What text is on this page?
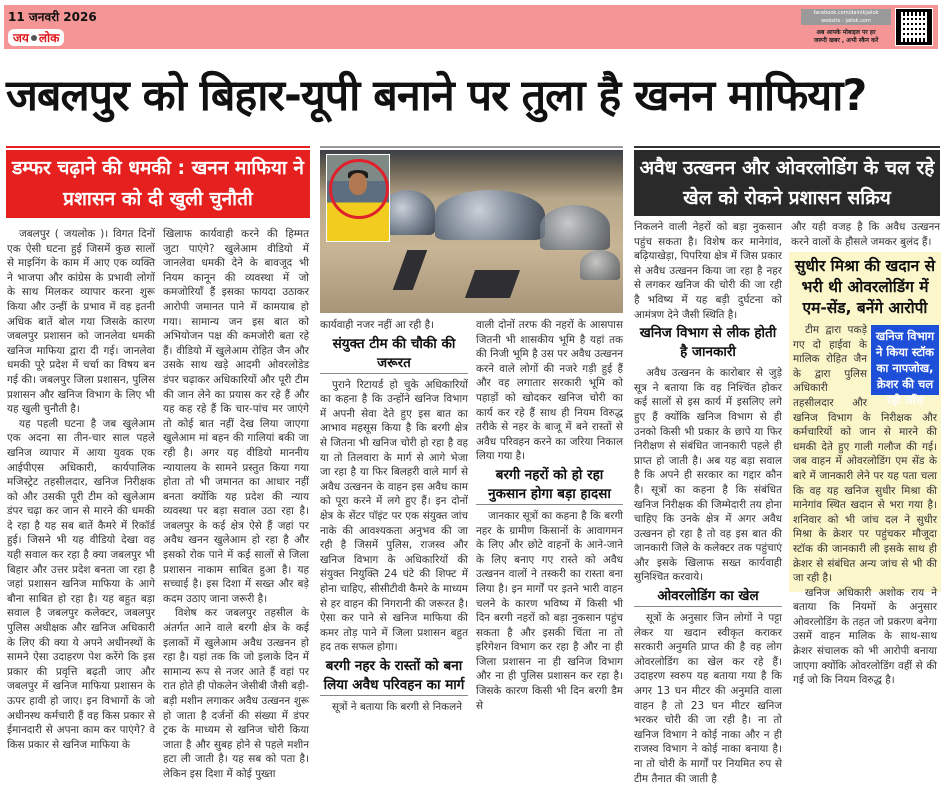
11 जनवरी 2026
जय लोक
facebook.com/dainikjailok
website - jailok.com
अब आपके मोबाइल पर हर
जरूरी खबर , अभी स्कैन करें
जबलपुर को बिहार-यूपी बनाने पर तुला है खनन माफिया?
डम्फर चढ़ाने की धमकी : खनन माफिया ने प्रशासन को दी खुली चुनौती

जबलपुर ( जयलोक )। विगत दिनों एक ऐसी घटना हुई जिसमें कुछ सालों से माइनिंग के काम में आए एक व्यक्ति ने भाजपा और कांग्रेस के प्रभावी लोगों के साथ मिलकर व्यापार करना शुरू किया और उन्हीं के प्रभाव में वह इतनी अधिक बातें बोल गया जिसके कारण जबलपुर प्रशासन को जानलेवा धमकी खनिज माफिया द्वारा दी गई। जानलेवा धमकी पूरे प्रदेश में चर्चा का विषय बन गई की। जबलपुर जिला प्रशासन, पुलिस प्रशासन और खनिज विभाग के लिए भी यह खुली चुनौती है।

यह पहली घटना है जब खुलेआम एक अदना सा तीन-चार साल पहले खनिज व्यापार में आया युवक एक आईपीएस अधिकारी, कार्यपालिक मजिस्ट्रेट तहसीलदार, खनिज निरीक्षक को और उसकी पूरी टीम को खुलेआम डंपर चढ़ा कर जान से मारने की धमकी दे रहा है यह सब बातें कैमरे में रिकॉर्ड हुई। जिसने भी यह वीडियो देखा वह यही सवाल कर रहा है क्या जबलपुर भी बिहार और उत्तर प्रदेश बनता जा रहा है जहां प्रशासन खनिज माफिया के आगे बौना साबित हो रहा है। यह बहुत बड़ा सवाल है जबलपुर कलेक्टर, जबलपुर पुलिस अधीक्षक और खनिज अधिकारी के लिए की क्या ये अपने अधीनस्थों के सामने ऐसा उदाहरण पेश करेंगे कि इस प्रकार की प्रवृत्ति बढ़ती जाए और जबलपुर में खनिज माफिया प्रशासन के ऊपर हावी हो जाए। इन विभागों के जो अधीनस्थ कर्मचारी हैं वह किस प्रकार से ईमानदारी से अपना काम कर पाएंगे? वे किस प्रकार से खनिज माफिया के

खिलाफ कार्यवाही करने की हिम्मत जुटा पाएंगे? खुलेआम वीडियो में जानलेवा धमकी देने के बावजूद भी नियम कानून की व्यवस्था में जो कमजोरियाँ हैं इसका फायदा उठाकर आरोपी जमानत पाने में कामयाब हो गया। सामान्य जन इस बात को अभियोजन पक्ष की कमजोरी बता रहे हैं। वीडियो में खुलेआम रोहित जैन और उसके साथ खड़े आदमी ओवरलोडेड डंपर चढ़ाकर अधिकारियों और पूरी टीम की जान लेने का प्रयास कर रहे हैं और यह कह रहे हैं कि चार-पांच मर जाएंगे तो कोई बात नहीं देख लिया जाएगा खुलेआम मां बहन की गालियां बकी जा रही है। अगर यह वीडियो माननीय न्यायालय के सामने प्रस्तुत किया गया होता तो भी जमानत का आधार नहीं बनता क्योंकि यह प्रदेश की न्याय व्यवस्था पर बड़ा सवाल उठा रहा है। जबलपुर के कई क्षेत्र ऐसे हैं जहां पर अवैध खनन खुलेआम हो रहा है और इसको रोक पाने में कई सालों से जिला प्रशासन नाकाम साबित हुआ है। यह सच्चाई है। इस दिशा में सख्त और बड़े कदम उठाए जाना जरूरी है।

विशेष कर जबलपुर तहसील के अंतर्गत आने वाले बरगी क्षेत्र के कई इलाकों में खुलेआम अवैध उत्खनन हो रहा है। यहां तक कि जो इलाके दिन में सामान्य रूप से नजर आते हैं वहां पर रात होते ही पोकलेन जेसीबी जैसी बड़ी-बड़ी मशीन लगाकर अवैध उत्खनन शुरू हो जाता है दर्जनों की संख्या में डंपर ट्रक के माध्यम से खनिज चोरी किया जाता है और सुबह होने से पहले मशीन हटा ली जाती है। यह सब को पता है। लेकिन इस दिशा में कोई पुख्ता

कार्यवाही नजर नहीं आ रही है।

संयुक्त टीम की चौकी की जरूरत

पुराने रिटायर्ड हो चुके अधिकारियों का कहना है कि उन्होंने खनिज विभाग में अपनी सेवा देते हुए इस बात का आभाव महसूस किया है कि बरगी क्षेत्र से जितना भी खनिज चोरी हो रहा है वह या तो तिलवारा के मार्ग से आगे भेजा जा रहा है या फिर बिलहरी वाले मार्ग से अवैध उत्खनन के वाहन इस अवैध काम को पूरा करने में लगे हुए हैं। इन दोनों क्षेत्र के सेंटर पॉइंट पर एक संयुक्त जांच नाके की आवश्यकता अनुभव की जा रही है जिसमें पुलिस, राजस्व और खनिज विभाग के अधिकारियों की संयुक्त नियुक्ति 24 घंटे की शिफ्ट में होना चाहिए, सीसीटीवी कैमरे के माध्यम से हर वाहन की निगरानी की जरूरत है। ऐसा कर पाने से खनिज माफिया की कमर तोड़ पाने में जिला प्रशासन बहुत हद तक सफल होगा।

बरगी नहर के रास्तों को बना लिया अवैध परिवहन का मार्ग

सूत्रों ने बताया कि बरगी से निकलने

वाली दोनों तरफ की नहरों के आसपास जितनी भी शासकीय भूमि है यहां तक की निजी भूमि है उस पर अवैध उत्खनन करने वाले लोगों की नजरे गड़ी हुई हैं और वह लगातार सरकारी भूमि को पहाड़ों को खोदकर खनिज चोरी का कार्य कर रहे हैं साथ ही नियम विरुद्ध तरीके से नहर के बाजू में बने रास्तों से अवैध परिवहन करने का जरिया निकाल लिया गया है।

बरगी नहरों को हो रहा नुकसान होगा बड़ा हादसा

जानकार सूत्रों का कहना है कि बरगी नहर के ग्रामीण किसानों के आवागमन के लिए और छोटे वाहनों के आने-जाने के लिए बनाए गए रास्ते को अवैध उत्खनन वालों ने तस्करी का रास्ता बना लिया है। इन मार्गों पर इतने भारी वाहन चलने के कारण भविष्य में किसी भी दिन बरगी नहरों को बड़ा नुकसान पहुंच सकता है और इसकी चिंता ना तो इरिगेशन विभाग कर रहा है और ना ही जिला प्रशासन ना ही खनिज विभाग और ना ही पुलिस प्रशासन कर रहा है। जिसके कारण किसी भी दिन बरगी डैम से

अवैध उत्खनन और ओवरलोडिंग के चल रहे खेल को रोकने प्रशासन सक्रिय

निकलने वाली नेहरों को बड़ा नुकसान पहुंच सकता है। विशेष कर मानेगांव, बढ़ियाखेड़ा, पिपरिया क्षेत्र में जिस प्रकार से अवैध उत्खनन किया जा रहा है नहर से लगकर खनिज की चोरी की जा रही है भविष्य में यह बड़ी दुर्घटना को आमंत्रण देने जैसी स्थिति है।

खनिज विभाग से लीक होती है जानकारी

अवैध उत्खनन के कारोबार से जुड़े सूत्र ने बताया कि वह निश्चिंत होकर कई सालों से इस कार्य में इसलिए लगे हुए हैं क्योंकि खनिज विभाग से ही उनको किसी भी प्रकार के छापे या फिर निरीक्षण से संबंधित जानकारी पहले ही प्राप्त हो जाती है। अब यह बड़ा सवाल है कि अपने ही सरकार का गद्दार कौन है। सूत्रों का कहना है कि संबंधित खनिज निरीक्षक की जिम्मेदारी तय होना चाहिए कि उनके क्षेत्र में अगर अवैध उत्खनन हो रहा है तो वह इस बात की जानकारी जिले के कलेक्टर तक पहुंचाएं और इसके खिलाफ सख्त कार्यवाही सुनिश्चित करवाये।

ओवरलोडिंग का खेल

सूत्रों के अनुसार जिन लोगों ने पट्टा लेकर या खदान स्वीकृत कराकर सरकारी अनुमति प्राप्त की है वह लोग ओवरलोडिंग का खेल कर रहे हैं। उदाहरण स्वरुप यह बताया गया है कि अगर 13 घन मीटर की अनुमति वाला वाहन है तो 23 घन मीटर खनिज भरकर चोरी की जा रही है। ना तो खनिज विभाग ने कोई नाका और न ही राजस्व विभाग ने कोई नाका बनाया है। ना तो चोरी के मार्गों पर नियमित रुप से टीम तैनात की जाती है

और यही वजह है कि अवैध उत्खनन करने वालों के हौसले जमकर बुलंद हैं।

सुधीर मिश्रा की खदान से भरी थी ओवरलोडिंग में एम-सेंड, बनेंगे आरोपी
खनिज विभाग ने किया स्टॉक का नापजोख, क्रेशर की चल रही जाँच

टीम द्वारा पकड़े गए दो हाईवा के मालिक रोहित जैन के द्वारा पुलिस अधिकारी तहसीलदार और खनिज विभाग के निरीक्षक और कर्मचारियों को जान से मारने की धमकी देते हुए गाली गलौज की गई। जब वाहन में ओवरलोडिंग एम सेंड के बारे में जानकारी लेने पर यह पता चला कि वह यह खनिज सुधीर मिश्रा की मानेगांव स्थित खदान से भरा गया है। शनिवार को भी जांच दल ने सुधीर मिश्रा के क्रेशर पर पहुंचकर मौजूदा स्टॉक की जानकारी ली इसके साथ ही क्रेशर से संबंधित अन्य जांच से भी की जा रही है।

खनिज अधिकारी अशोक राय ने बताया कि नियमों के अनुसार ओवरलोडिंग के तहत जो प्रकरण बनेगा उसमें वाहन मालिक के साथ-साथ क्रेशर संचालक को भी आरोपी बनाया जाएगा क्योंकि ओवरलोडिंग वहीं से की गई जो कि नियम विरुद्ध है।
